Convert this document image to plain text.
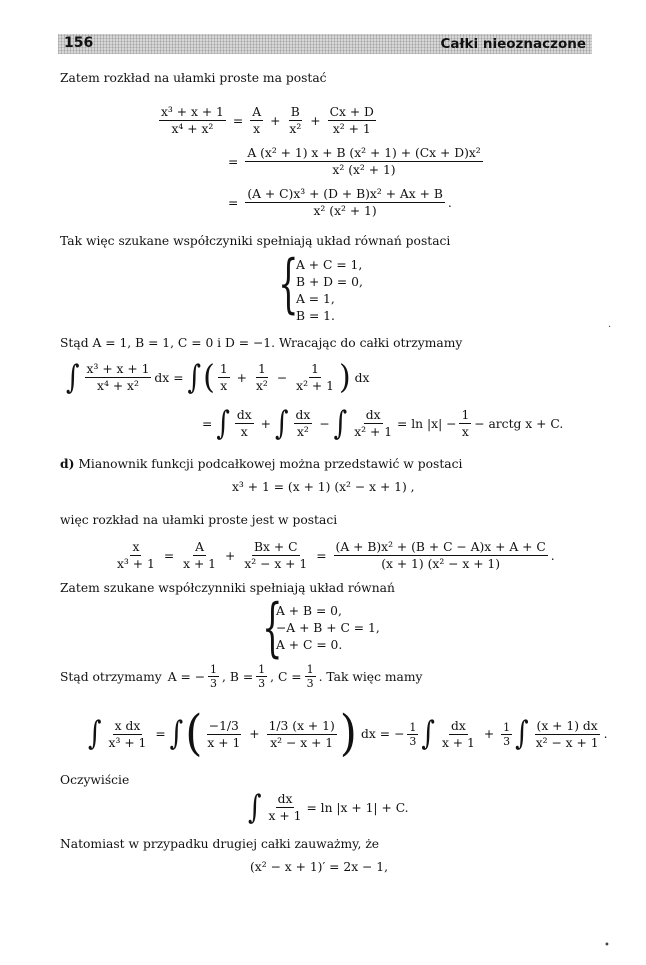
156	Całki nieoznaczone
Zatem rozkład na ułamki proste ma postać
$\frac{\text{x³ + x + 1}}{\text{x⁴ + x²}} = \frac{A}{x} + \frac{B}{\text{x²}} + \frac{Cx + D}{\text{x² + 1}}$
= $\frac{\text{A (x² + 1) x + B (x² + 1) + (Cx + D)x²}}{\text{x² (x² + 1)}}$
= $\frac{\text{(A + C)x³ + (D + B)x² + Ax + B}}{\text{x² (x² + 1)}}$ .
Tak więc szukane współczyniki spełniają układ równań postaci
{
A + C = 1,
B + D = 0,
A = 1,
B = 1.
Stąd A = 1, B = 1, C = 0 i D = −1. Wracając do całki otrzymamy
∫ $\frac{\text{x³ + x + 1}}{\text{x⁴ + x²}}$ dx = ∫ ( $\frac{1}{x} + \frac{1}{\text{x²}} - \frac{1}{\text{x² + 1}}$ ) dx
= ∫ $\frac{dx}{x}$ + ∫ $\frac{dx}{\text{x²}}$ − ∫ $\frac{dx}{\text{x² + 1}} = \ln |x| - \frac{1}{x}$ − arctg x + C.
d) Mianownik funkcji podcałkowej można przedstawić w postaci
x³ + 1 = (x + 1) (x² − x + 1) ,
więc rozkład na ułamki proste jest w postaci
$\frac{x}{\text{x³ + 1}} = \frac{A}{x + 1} + \frac{Bx + C}{\text{x² − x + 1}} = \frac{\text{(A + B)x² + (B + C − A)x + A + C}}{\text{(x + 1) (x² − x + 1)}}$ .
Zatem szukane współczynniki spełniają układ równań
{
A + B = 0,
−A + B + C = 1,
A + C = 0.
Stąd otrzymamy A = − $\frac{1}{3}$ , $B = \frac{1}{3}$ , $C = \frac{1}{3}$ . Tak więc mamy
∫ $\frac{\text{x dx}}{\text{x³ + 1}}$ = ∫ ( $\frac{-1/3}{x + 1} + \frac{1/3 (x + 1)}{\text{x² − x + 1}}$ ) dx = − $\frac{1}{3}$ ∫ $\frac{dx}{x + 1} + \frac{1}{3}$ ∫ $\frac{(x + 1) dx}{\text{x² − x + 1}}$ .
Oczywiście
∫ $\frac{dx}{x + 1} = \ln |x + 1| + C$.
Natomiast w przypadku drugiej całki zauważmy, że
(x² − x + 1)′ = 2x − 1,
·
•
